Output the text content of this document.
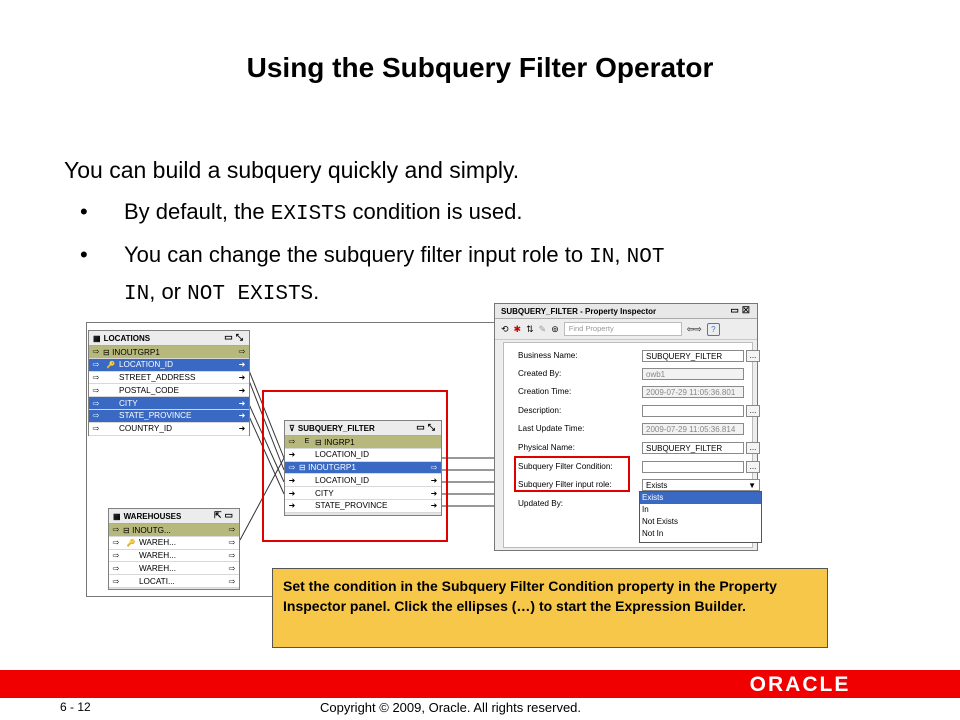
Using the Subquery Filter Operator
You can build a subquery quickly and simply.
• By default, the EXISTS condition is used.
• You can change the subquery filter input role to IN, NOT
IN, or NOT EXISTS.
▦ LOCATIONS	▭⤡
⇨ ⊟ INOUTGRP1	⇨
⇨	🔑 LOCATION_ID	➜
⇨	STREET_ADDRESS	➜
⇨	POSTAL_CODE	➜
⇨	CITY	➜
⇨	STATE_PROVINCE	➜
⇨	COUNTRY_ID	➜
▦ WAREHOUSES	⇱▭
⇨ ⊟ INOUTG...	⇨
⇨	🔑 WAREH...	⇨
⇨	WAREH...	⇨
⇨	WAREH...	⇨
⇨	LOCATI...	⇨
⊽ SUBQUERY_FILTER	▭⤡
⇨	E ⊟ INGRP1
➜	LOCATION_ID
⇨ ⊟ INOUTGRP1	⇨
➜	LOCATION_ID	➜
➜	CITY	➜
➜	STATE_PROVINCE	➜
SUBQUERY_FILTER - Property Inspector	▭☒
⟲ ✱ ⇅ ✎ ⊚	Find Property	⇦⇨	?
Business Name:	SUBQUERY_FILTER	...
Created By:	owb1
Creation Time:	2009-07-29 11:05:36.801
Description:	...
Last Update Time:	2009-07-29 11:05:36.814
Physical Name:	SUBQUERY_FILTER	...
Subquery Filter Condition:	...
Subquery Filter input role:	Exists	▼
Updated By:
Exists
In
Not Exists
Not In
Set the condition in the Subquery Filter Condition property in the Property Inspector panel. Click the ellipses (…) to start the Expression Builder.
ORACLE
6 - 12	Copyright © 2009, Oracle. All rights reserved.
